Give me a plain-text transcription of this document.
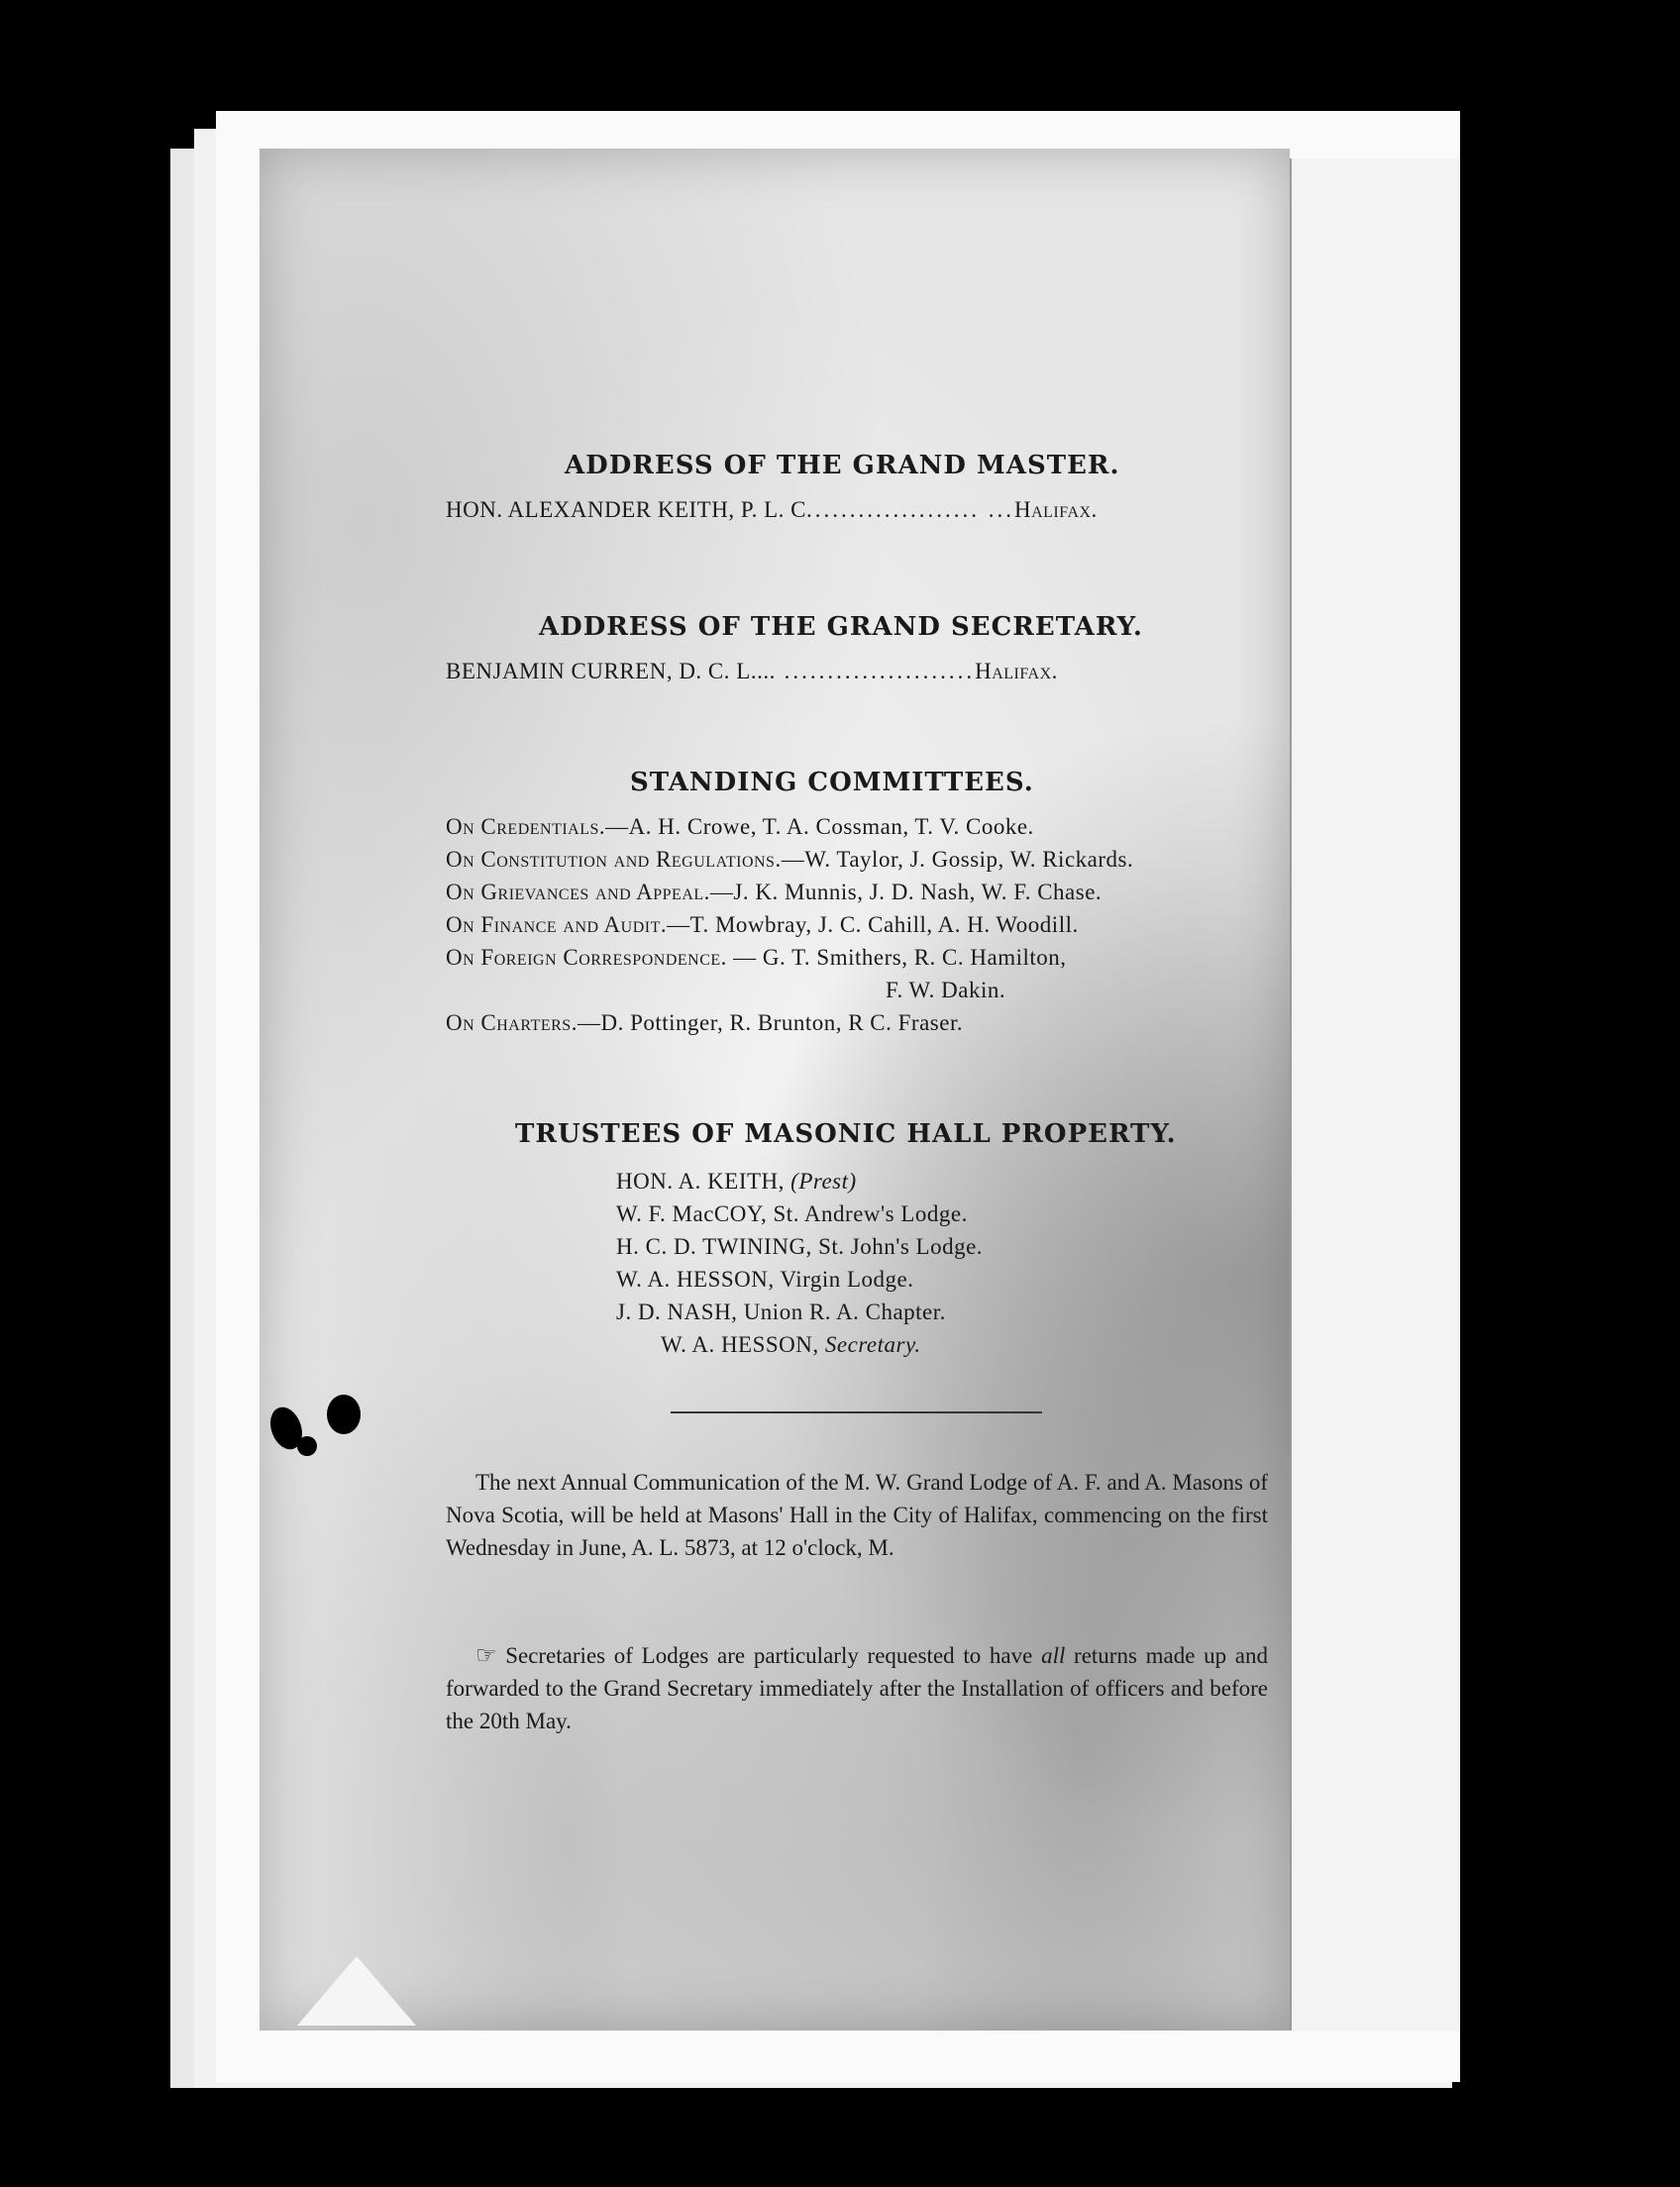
ADDRESS OF THE GRAND MASTER.
HON. ALEXANDER KEITH, P. L. C.................... ...Halifax.
ADDRESS OF THE GRAND SECRETARY.
BENJAMIN CURREN, D. C. L.... ......................Halifax.
STANDING COMMITTEES.
On Credentials.—A. H. Crowe, T. A. Cossman, T. V. Cooke.
On Constitution and Regulations.—W. Taylor, J. Gossip, W. Rickards.
On Grievances and Appeal.—J. K. Munnis, J. D. Nash, W. F. Chase.
On Finance and Audit.—T. Mowbray, J. C. Cahill, A. H. Woodill.
On Foreign Correspondence. — G. T. Smithers, R. C. Hamilton,
F. W. Dakin.
On Charters.—D. Pottinger, R. Brunton, R C. Fraser.
TRUSTEES OF MASONIC HALL PROPERTY.
HON. A. KEITH, (Prest)
W. F. MacCOY, St. Andrew's Lodge.
H. C. D. TWINING, St. John's Lodge.
W. A. HESSON, Virgin Lodge.
J. D. NASH, Union R. A. Chapter.
W. A. HESSON, Secretary.
The next Annual Communication of the M. W. Grand Lodge of A. F. and A. Masons of Nova Scotia, will be held at Masons' Hall in the City of Halifax, commencing on the first Wednesday in June, A. L. 5873, at 12 o'clock, M.
☞ Secretaries of Lodges are particularly requested to have all returns made up and forwarded to the Grand Secretary immediately after the Installation of officers and before the 20th May.
